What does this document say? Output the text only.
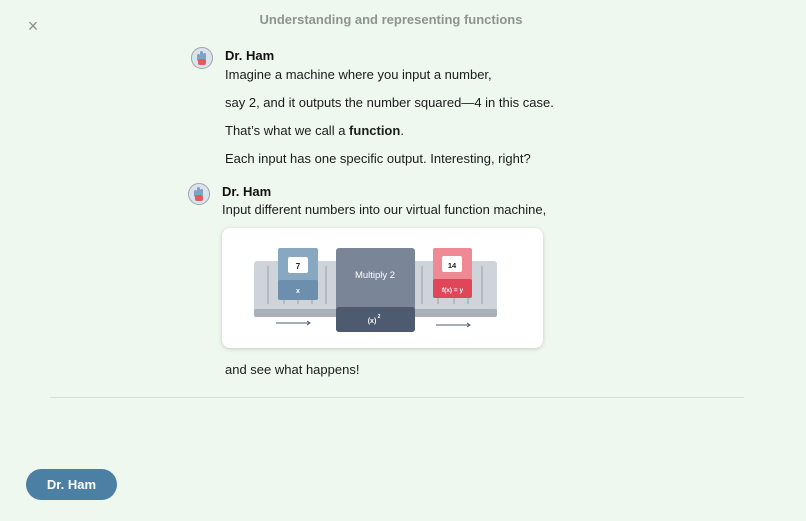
×	Understanding and representing functions
Dr. Ham
Imagine a machine where you input a number,
say 2, and it outputs the number squared—4 in this case.
That’s what we call a function.
Each input has one specific output. Interesting, right?
Dr. Ham
Input different numbers into our virtual function machine,
7
x
Multiply 2
(x)
2
14
f(x) = y
and see what happens!
Dr. Ham
